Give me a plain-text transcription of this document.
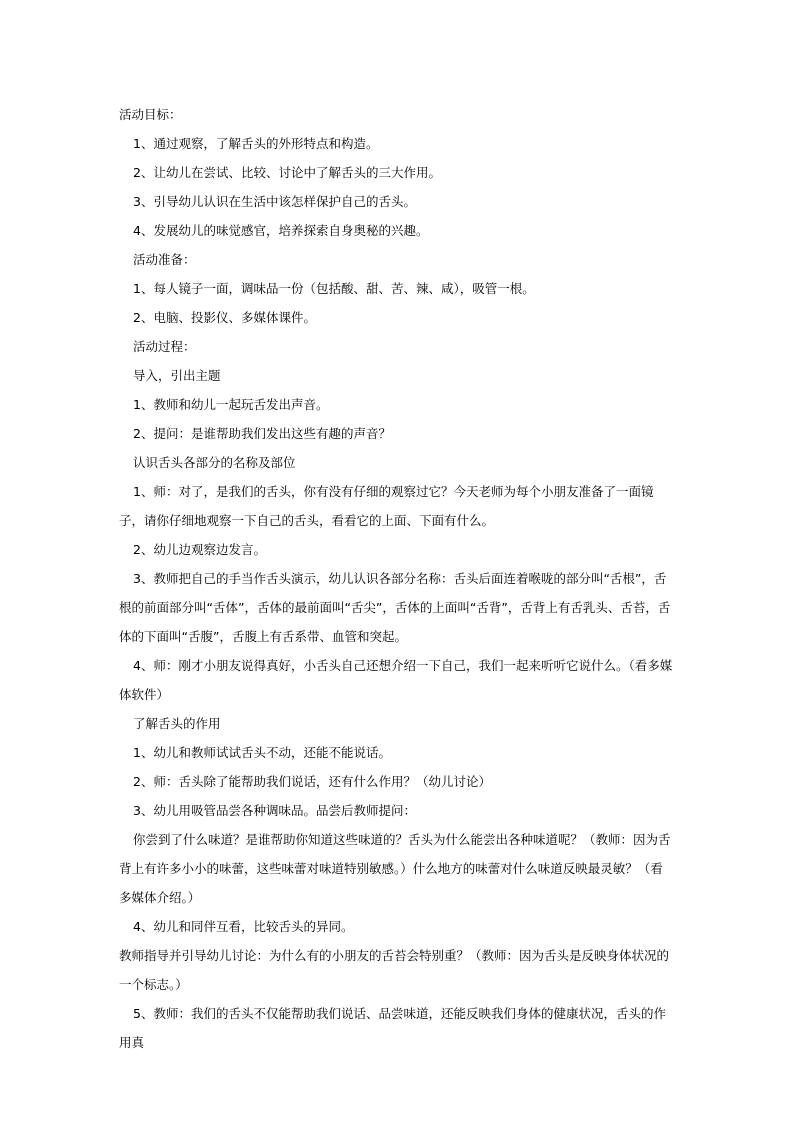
活动目标：

1、通过观察，了解舌头的外形特点和构造。

2、让幼儿在尝试、比较、讨论中了解舌头的三大作用。

3、引导幼儿认识在生活中该怎样保护自己的舌头。

4、发展幼儿的味觉感官，培养探索自身奥秘的兴趣。

活动准备：

1、每人镜子一面，调味品一份（包括酸、甜、苦、辣、咸），吸管一根。

2、电脑、投影仪、多媒体课件。

活动过程：

导入，引出主题

1、教师和幼儿一起玩舌发出声音。

2、提问：是谁帮助我们发出这些有趣的声音？

认识舌头各部分的名称及部位

1、师：对了，是我们的舌头，你有没有仔细的观察过它？今天老师为每个小朋友准备了一面镜子，请你仔细地观察一下自己的舌头，看看它的上面、下面有什么。

2、幼儿边观察边发言。

3、教师把自己的手当作舌头演示，幼儿认识各部分名称：舌头后面连着喉咙的部分叫“舌根”，舌根的前面部分叫“舌体”，舌体的最前面叫“舌尖”，舌体的上面叫“舌背”，舌背上有舌乳头、舌苔，舌体的下面叫“舌腹”，舌腹上有舌系带、血管和突起。

4、师：刚才小朋友说得真好，小舌头自己还想介绍一下自己，我们一起来听听它说什么。（看多媒体软件）

了解舌头的作用

1、幼儿和教师试试舌头不动，还能不能说话。

2、师：舌头除了能帮助我们说话，还有什么作用？（幼儿讨论）

3、幼儿用吸管品尝各种调味品。品尝后教师提问：

你尝到了什么味道？是谁帮助你知道这些味道的？舌头为什么能尝出各种味道呢？（教师：因为舌背上有许多小小的味蕾，这些味蕾对味道特别敏感。）什么地方的味蕾对什么味道反映最灵敏？（看多媒体介绍。）

4、幼儿和同伴互看，比较舌头的异同。

教师指导并引导幼儿讨论：为什么有的小朋友的舌苔会特别重？（教师：因为舌头是反映身体状况的一个标志。）

5、教师：我们的舌头不仅能帮助我们说话、品尝味道，还能反映我们身体的健康状况，舌头的作用真
